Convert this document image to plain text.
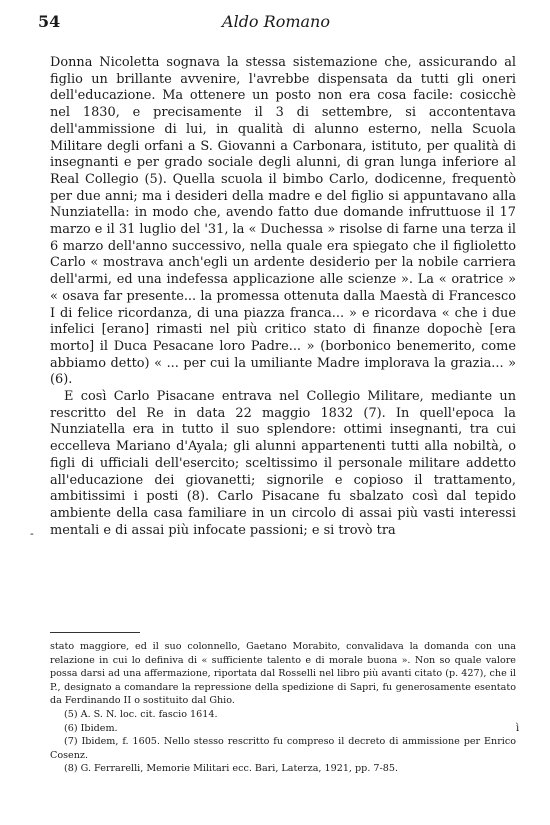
54	Aldo Romano

Donna Nicoletta sognava la stessa sistemazione che, assicurando al figlio un brillante avvenire, l'avrebbe dispensata da tutti gli oneri dell'educazione. Ma ottenere un posto non era cosa facile: cosicchè nel 1830, e precisamente il 3 di settembre, si accontentava dell'ammissione di lui, in qualità di alunno esterno, nella Scuola Militare degli orfani a S. Giovanni a Carbonara, istituto, per qualità di insegnanti e per grado sociale degli alunni, di gran lunga inferiore al Real Collegio (5). Quella scuola il bimbo Carlo, dodicenne, frequentò per due anni; ma i desideri della madre e del figlio si appuntavano alla Nunziatella: in modo che, avendo fatto due domande infruttuose il 17 marzo e il 31 luglio del '31, la « Duchessa » risolse di farne una terza il 6 marzo dell'anno successivo, nella quale era spiegato che il figlioletto Carlo « mostrava anch'egli un ardente desiderio per la nobile carriera dell'armi, ed una indefessa applicazione alle scienze ». La « oratrice » « osava far presente... la promessa ottenuta dalla Maestà di Francesco I di felice ricordanza, di una piazza franca... » e ricordava « che i due infelici [erano] rimasti nel più critico stato di finanze dopochè [era morto] il Duca Pesacane loro Padre... » (borbonico benemerito, come abbiamo detto) « ... per cui la umiliante Madre implorava la grazia... » (6).

E così Carlo Pisacane entrava nel Collegio Militare, mediante un rescritto del Re in data 22 maggio 1832 (7). In quell'epoca la Nunziatella era in tutto il suo splendore: ottimi insegnanti, tra cui eccelleva Mariano d'Ayala; gli alunni appartenenti tutti alla nobiltà, o figli di ufficiali dell'esercito; sceltissimo il personale militare addetto all'educazione dei giovanetti; signorile e copioso il trattamento, ambitissimi i posti (8). Carlo Pisacane fu sbalzato così dal tepido ambiente della casa familiare in un circolo di assai più vasti interessi mentali e di assai più infocate passioni; e si trovò tra

-

stato maggiore, ed il suo colonnello, Gaetano Morabito, convalidava la domanda con una relazione in cui lo definiva di « sufficiente talento e di morale buona ». Non so quale valore possa darsi ad una affermazione, riportata dal Rosselli nel libro più avanti citato (p. 427), che il P., designato a comandare la repressione della spedizione di Sapri, fu generosamente esentato da Ferdinando II o sostituito dal Ghio.

(5) A. S. N. loc. cit. fascio 1614.

(6) Ibidem.

(7) Ibidem, f. 1605. Nello stesso rescritto fu compreso il decreto di ammissione per Enrico Cosenz.

(8) G. Ferrarelli, Memorie Militari ecc. Bari, Laterza, 1921, pp. 7-85.

ì
